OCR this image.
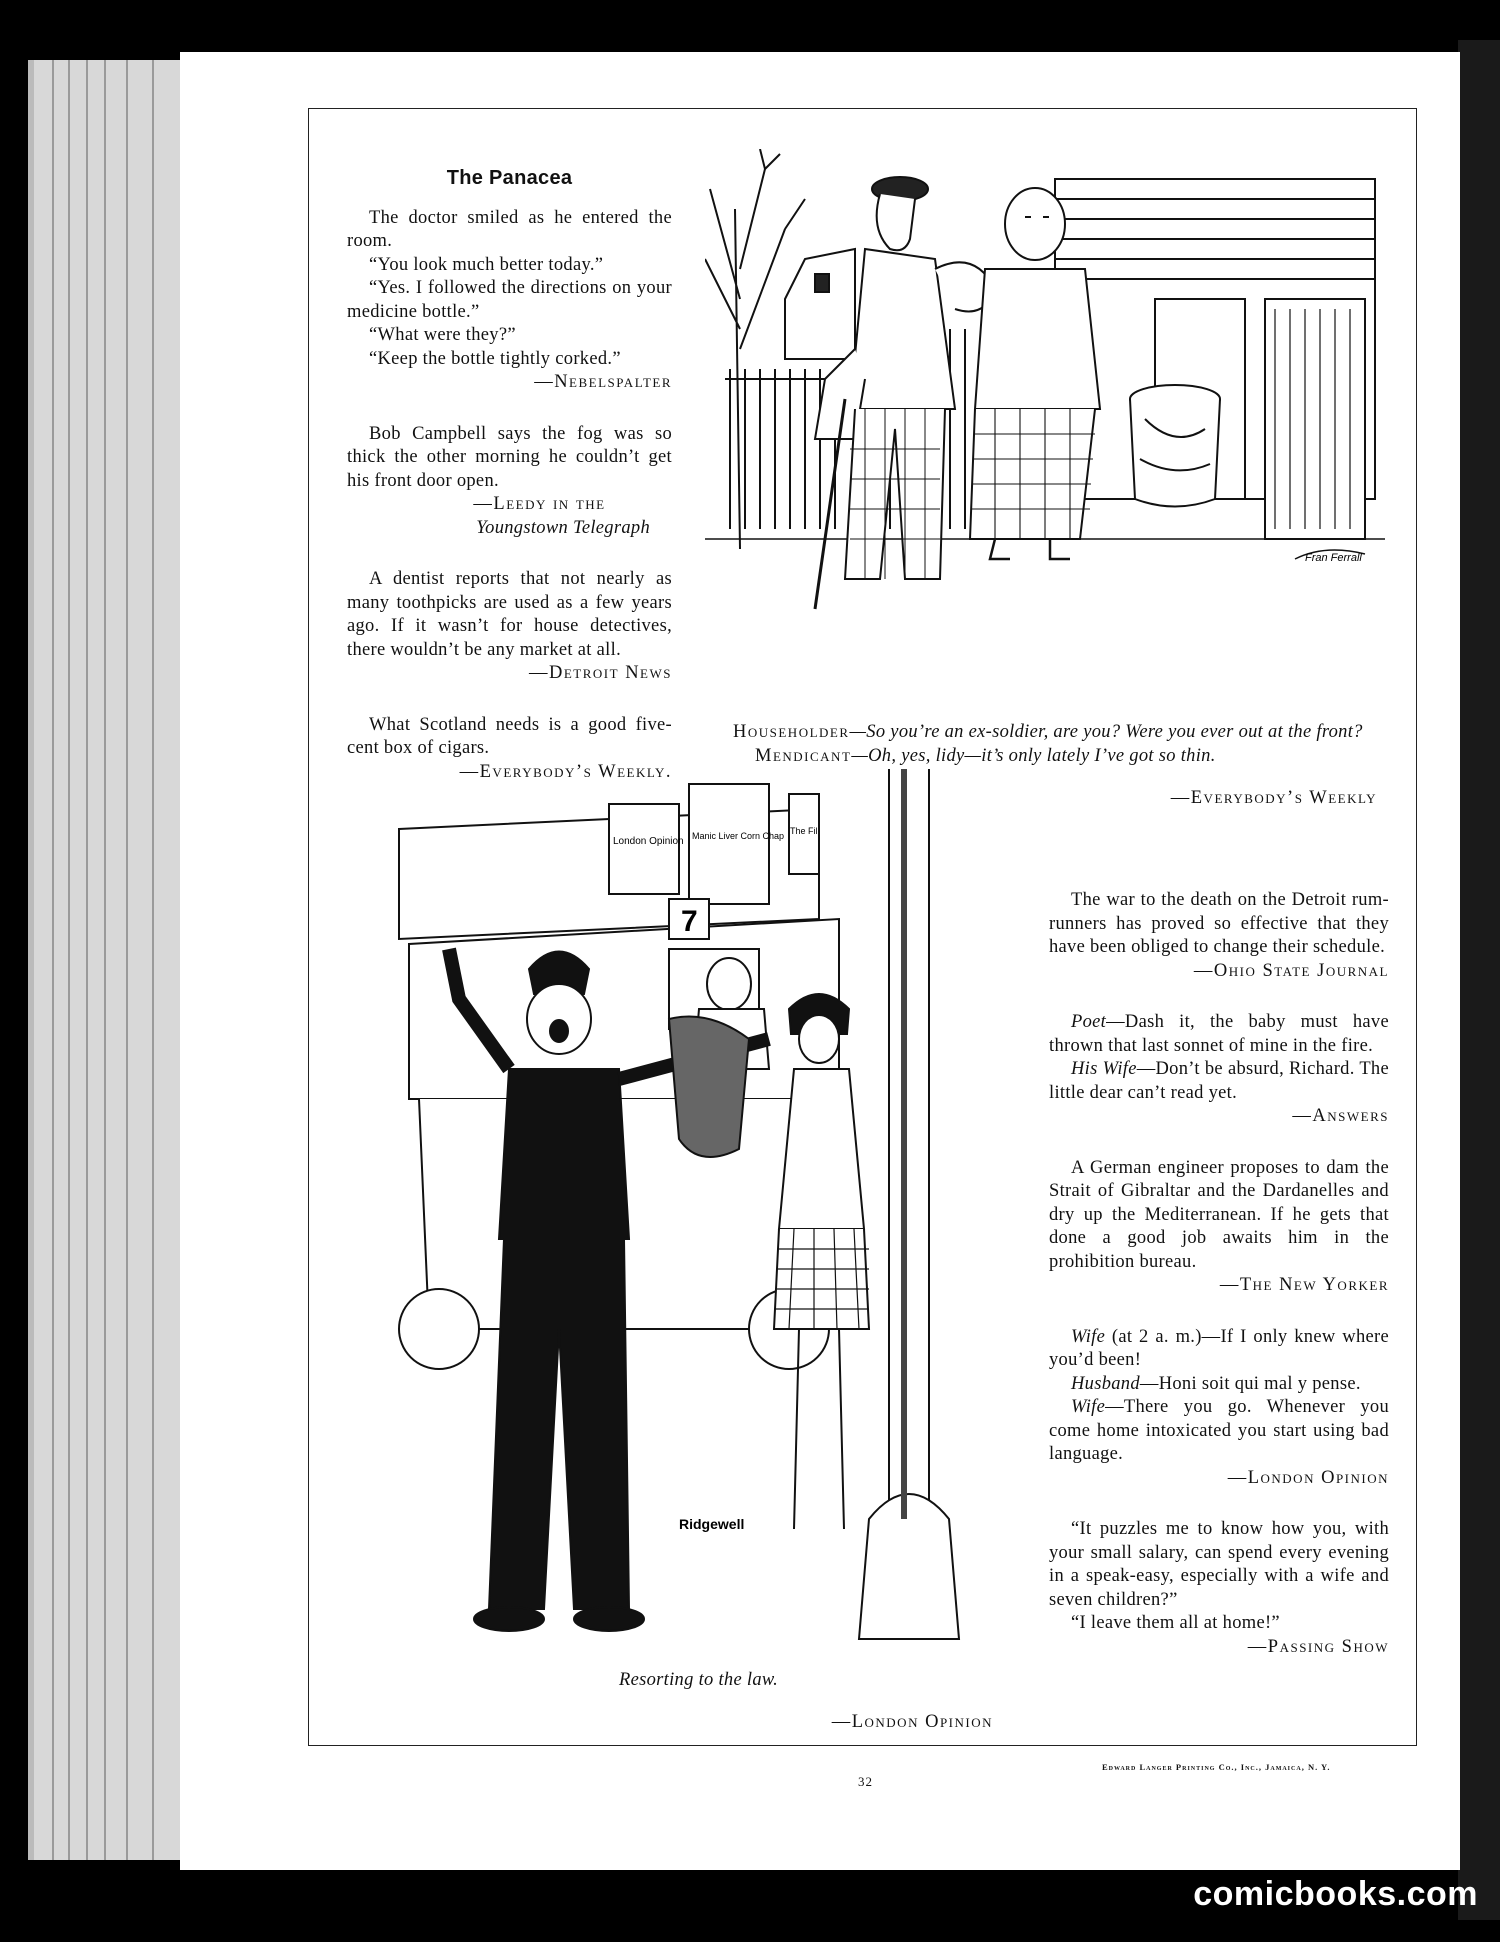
The Panacea

The doctor smiled as he entered the room.

“You look much better today.”

“Yes. I followed the directions on your medicine bottle.”

“What were they?”

“Keep the bottle tightly corked.”

—Nebelspalter

Bob Campbell says the fog was so thick the other morning he couldn’t get his front door open.

—Leedy in the

Youngstown Telegraph

A dentist reports that not nearly as many toothpicks are used as a few years ago. If it wasn’t for house detectives, there wouldn’t be any market at all.

—Detroit News

What Scotland needs is a good five-cent box of cigars.

—Everybody’s Weekly.

Fran Ferrall

Householder—So you’re an ex-soldier, are you? Were you ever out at the front?

Mendicant—Oh, yes, lidy—it’s only lately I’ve got so thin.

—Everybody’s Weekly

7
London Opinion Manic Liver Corn Chap The Fil
Ridgewell

Resorting to the law.

—London Opinion

The war to the death on the Detroit rum-runners has proved so effective that they have been obliged to change their schedule.

—Ohio State Journal

Poet—Dash it, the baby must have thrown that last sonnet of mine in the fire.

His Wife—Don’t be absurd, Richard. The little dear can’t read yet.

—Answers

A German engineer proposes to dam the Strait of Gibraltar and the Dardanelles and dry up the Mediterranean. If he gets that done a good job awaits him in the prohibition bureau.

—The New Yorker

Wife (at 2 a. m.)—If I only knew where you’d been!

Husband—Honi soit qui mal y pense.

Wife—There you go. Whenever you come home intoxicated you start using bad language.

—London Opinion

“It puzzles me to know how you, with your small salary, can spend every evening in a speak-easy, especially with a wife and seven children?”

“I leave them all at home!”

—Passing Show

32
Edward Langer Printing Co., Inc., Jamaica, N. Y.
comicbooks.com
